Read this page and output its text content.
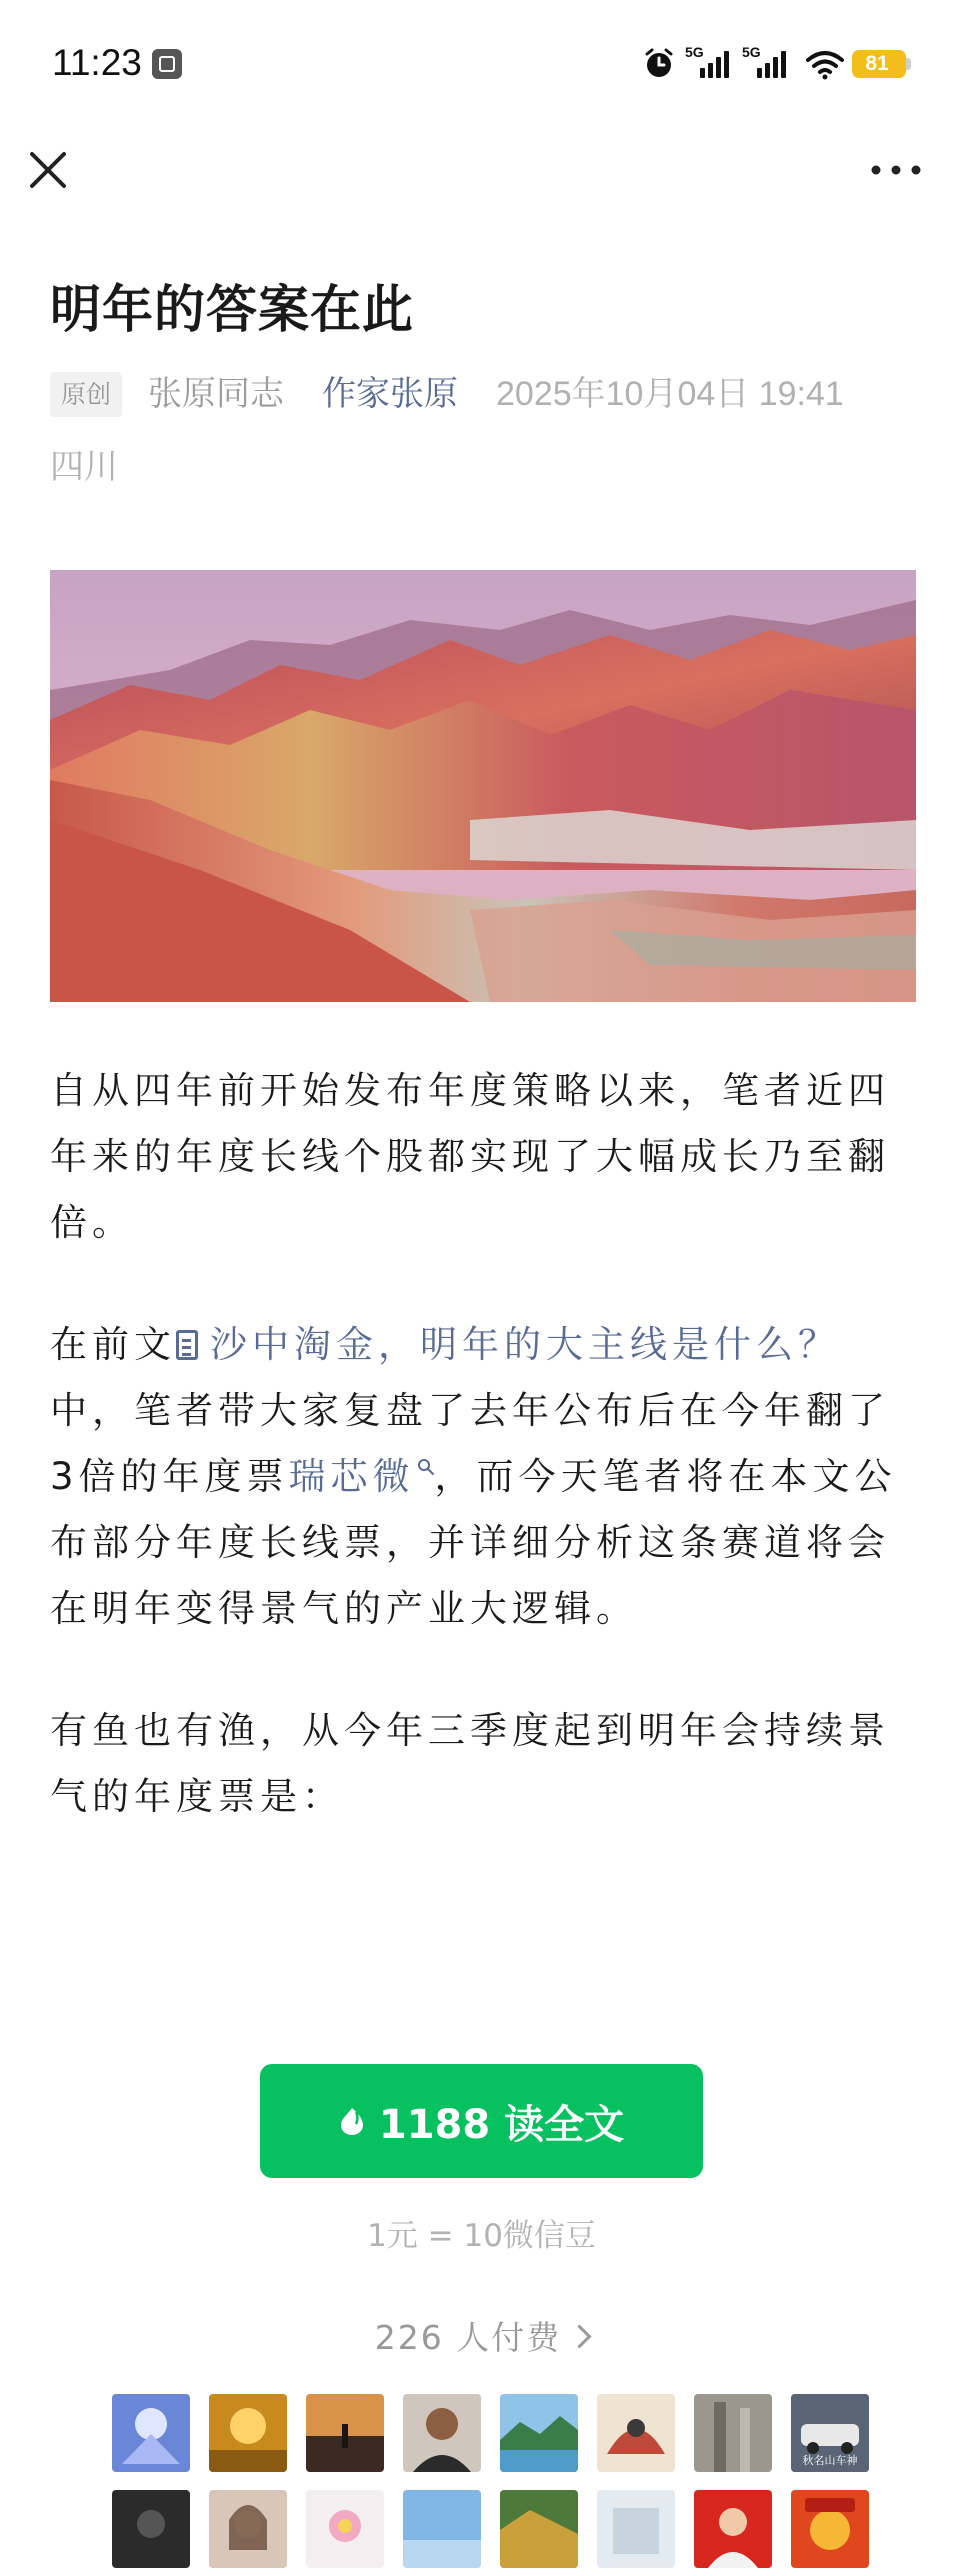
11:23	5G	5G	81
明年的答案在此
原创	张原同志 作家张原 2025年10月04日 19:41
四川
自从四年前开始发布年度策略以来，笔者近四年来的年度长线个股都实现了大幅成长乃至翻倍。
在前文 沙中淘金，明年的大主线是什么？中，笔者带大家复盘了去年公布后在今年翻了3倍的年度票瑞芯微 ，而今天笔者将在本文公布部分年度长线票，并详细分析这条赛道将会在明年变得景气的产业大逻辑。
有鱼也有渔，从今年三季度起到明年会持续景气的年度票是：
1188 读全文
1元 = 10微信豆
226 人付费
秋名山车神
